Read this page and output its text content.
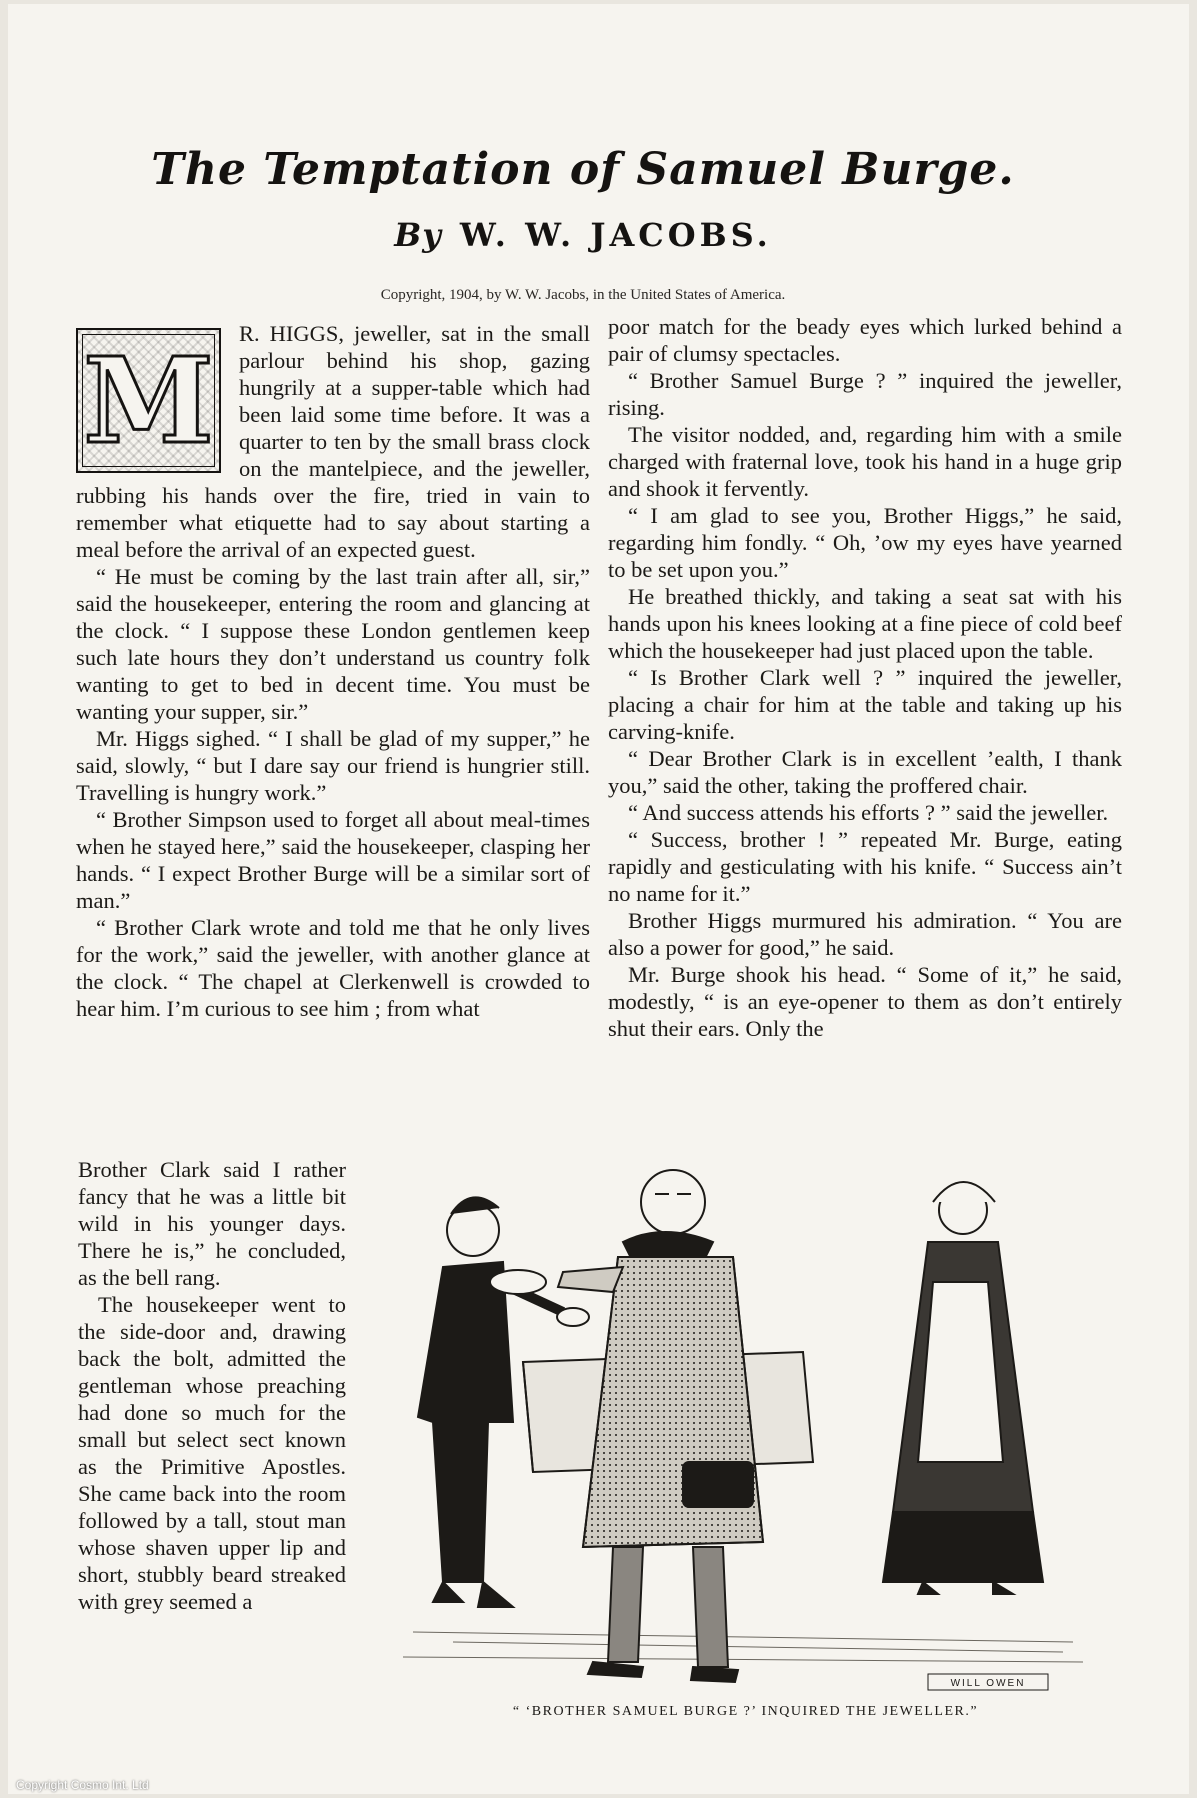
The Temptation of Samuel Burge.
By W. W. JACOBS.
Copyright, 1904, by W. W. Jacobs, in the United States of America.
M	R. HIGGS, jeweller, sat in the small parlour behind his shop, gazing hungrily at a supper-table which had been laid some time before. It was a quarter to ten by the small brass clock on the mantelpiece, and the jeweller, rubbing his hands over the fire, tried in vain to remember what etiquette had to say about starting a meal before the arrival of an expected guest.

“ He must be coming by the last train after all, sir,” said the housekeeper, entering the room and glancing at the clock. “ I suppose these London gentlemen keep such late hours they don’t understand us country folk wanting to get to bed in decent time. You must be wanting your supper, sir.”

Mr. Higgs sighed. “ I shall be glad of my supper,” he said, slowly, “ but I dare say our friend is hungrier still. Travelling is hungry work.”

“ Brother Simpson used to forget all about meal-times when he stayed here,” said the housekeeper, clasping her hands. “ I expect Brother Burge will be a similar sort of man.”

“ Brother Clark wrote and told me that he only lives for the work,” said the jeweller, with another glance at the clock. “ The chapel at Clerkenwell is crowded to hear him. I’m curious to see him ; from what

Brother Clark said I rather fancy that he was a little bit wild in his younger days. There he is,” he concluded, as the bell rang.

The housekeeper went to the side-door and, drawing back the bolt, admitted the gentleman whose preaching had done so much for the small but select sect known as the Primitive Apostles. She came back into the room followed by a tall, stout man whose shaven upper lip and short, stubbly beard streaked with grey seemed a

poor match for the beady eyes which lurked behind a pair of clumsy spectacles.

“ Brother Samuel Burge ? ” inquired the jeweller, rising.

The visitor nodded, and, regarding him with a smile charged with fraternal love, took his hand in a huge grip and shook it fervently.

“ I am glad to see you, Brother Higgs,” he said, regarding him fondly. “ Oh, ’ow my eyes have yearned to be set upon you.”

He breathed thickly, and taking a seat sat with his hands upon his knees looking at a fine piece of cold beef which the housekeeper had just placed upon the table.

“ Is Brother Clark well ? ” inquired the jeweller, placing a chair for him at the table and taking up his carving-knife.

“ Dear Brother Clark is in excellent ’ealth, I thank you,” said the other, taking the proffered chair.

“ And success attends his efforts ? ” said the jeweller.

“ Success, brother ! ” repeated Mr. Burge, eating rapidly and gesticulating with his knife. “ Success ain’t no name for it.”

Brother Higgs murmured his admiration. “ You are also a power for good,” he said.

Mr. Burge shook his head. “ Some of it,” he said, modestly, “ is an eye-opener to them as don’t entirely shut their ears. Only the

WILL OWEN
“ ‘BROTHER SAMUEL BURGE ?’ INQUIRED THE JEWELLER.”
Copyright Cosmo Int. Ltd
